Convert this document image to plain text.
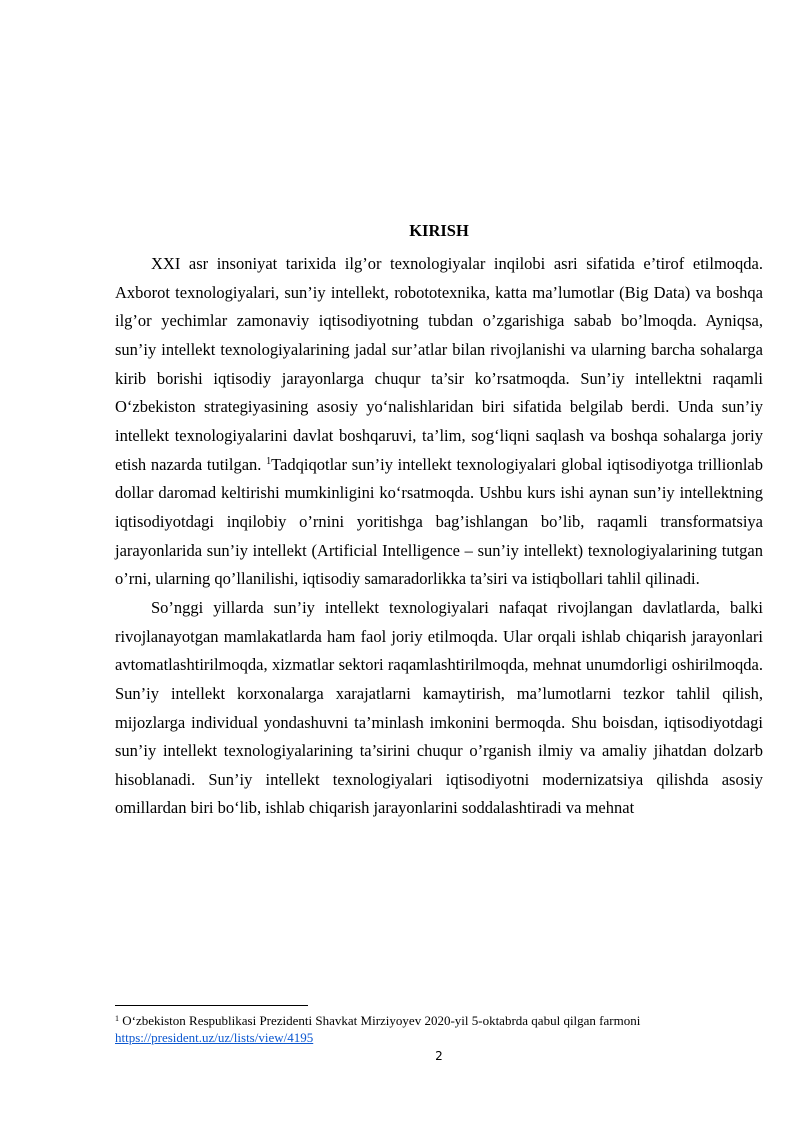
KIRISH

XXI asr insoniyat tarixida ilg’or texnologiyalar inqilobi asri sifatida e’tirof etilmoqda. Axborot texnologiyalari, sun’iy intellekt, robototexnika, katta ma’lumotlar (Big Data) va boshqa ilg’or yechimlar zamonaviy iqtisodiyotning tubdan o’zgarishiga sabab bo’lmoqda. Ayniqsa, sun’iy intellekt texnologiyalarining jadal sur’atlar bilan rivojlanishi va ularning barcha sohalarga kirib borishi iqtisodiy jarayonlarga chuqur ta’sir ko’rsatmoqda. Sun’iy intellektni raqamli O‘zbekiston strategiyasining asosiy yo‘nalishlaridan biri sifatida belgilab berdi. Unda sun’iy intellekt texnologiyalarini davlat boshqaruvi, ta’lim, sog‘liqni saqlash va boshqa sohalarga joriy etish nazarda tutilgan. $^1$Tadqiqotlar sun’iy intellekt texnologiyalari global iqtisodiyotga trillionlab dollar daromad keltirishi mumkinligini ko‘rsatmoqda. Ushbu kurs ishi aynan sun’iy intellektning iqtisodiyotdagi inqilobiy o’rnini yoritishga bag’ishlangan bo’lib, raqamli transformatsiya jarayonlarida sun’iy intellekt (Artificial Intelligence – sun’iy intellekt) texnologiyalarining tutgan o’rni, ularning qo’llanilishi, iqtisodiy samaradorlikka ta’siri va istiqbollari tahlil qilinadi.

So’nggi yillarda sun’iy intellekt texnologiyalari nafaqat rivojlangan davlatlarda, balki rivojlanayotgan mamlakatlarda ham faol joriy etilmoqda. Ular orqali ishlab chiqarish jarayonlari avtomatlashtirilmoqda, xizmatlar sektori raqamlashtirilmoqda, mehnat unumdorligi oshirilmoqda. Sun’iy intellekt korxonalarga xarajatlarni kamaytirish, ma’lumotlarni tezkor tahlil qilish, mijozlarga individual yondashuvni ta’minlash imkonini bermoqda. Shu boisdan, iqtisodiyotdagi sun’iy intellekt texnologiyalarining ta’sirini chuqur o’rganish ilmiy va amaliy jihatdan dolzarb hisoblanadi. Sun’iy intellekt texnologiyalari iqtisodiyotni modernizatsiya qilishda asosiy omillardan biri bo‘lib, ishlab chiqarish jarayonlarini soddalashtiradi va mehnat

$^1$ O‘zbekiston Respublikasi Prezidenti Shavkat Mirziyoyev 2020-yil 5-oktabrda qabul qilgan farmoni
https://president.uz/uz/lists/view/4195
2
